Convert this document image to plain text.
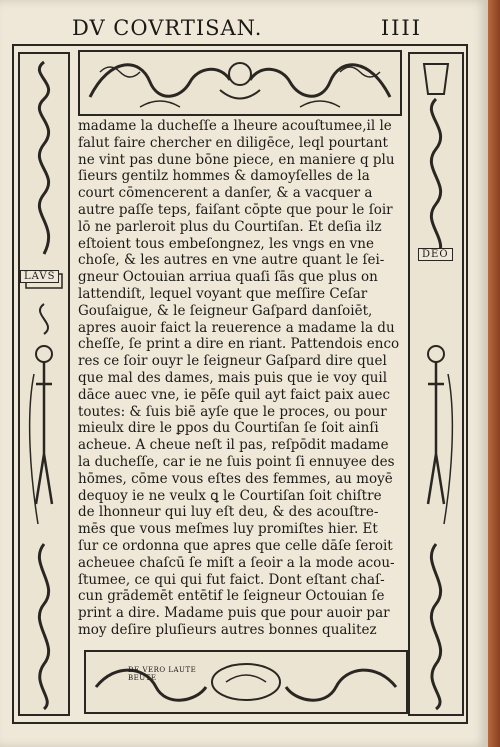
DV COVRTISAN.	IIII
LAVS
DEO
DE VERO LAUTE BEUTE
madame la ducheſſe a lheure acouſtumee,il le
falut faire chercher en diligēce, leql pourtant
ne vint pas dune bōne piece, en maniere q plu
ſieurs gentilz hommes & damoyſelles de la
court cōmencerent a danſer, & a vacquer a
autre paſſe teps, faiſant cōpte que pour le ſoir
lō ne parleroit plus du Courtiſan. Et deſia ilz
eſtoient tous embeſongnez, les vngs en vne
choſe, & les autres en vne autre quant le ſei-
gneur Octouian arriua quaſi ſās que plus on
lattendiſt, lequel voyant que meſſire Ceſar
Gouſaigue, & le ſeigneur Gaſpard danſoiēt,
apres auoir faict la reuerence a madame la du
cheſſe, ſe print a dire en riant. Pattendois enco
res ce ſoir ouyr le ſeigneur Gaſpard dire quel
que mal des dames, mais puis que ie voy quil
dāce auec vne, ie pēſe quil ayt faict paix auec
toutes: & ſuis biē ayſe que le proces, ou pour
mieulx dire le ꝑpos du Courtiſan ſe ſoit ainſi
acheue. A cheue neſt il pas, reſpōdit madame
la ducheſſe, car ie ne ſuis point ſi ennuyee des
hōmes, cōme vous eſtes des femmes, au moyē
dequoy ie ne veulx ꝗ le Courtiſan ſoit chiſtre
de lhonneur qui luy eſt deu, & des acouſtre-
mēs que vous meſmes luy promiſtes hier. Et
ſur ce ordonna que apres que celle dāſe ſeroit
acheuee chaſcū ſe miſt a ſeoir a la mode acou-
ſtumee, ce qui qui fut faict. Dont eſtant chaſ-
cun grādemēt entētif le ſeigneur Octouian ſe
print a dire. Madame puis que pour auoir par
moy deſire pluſieurs autres bonnes qualitez
